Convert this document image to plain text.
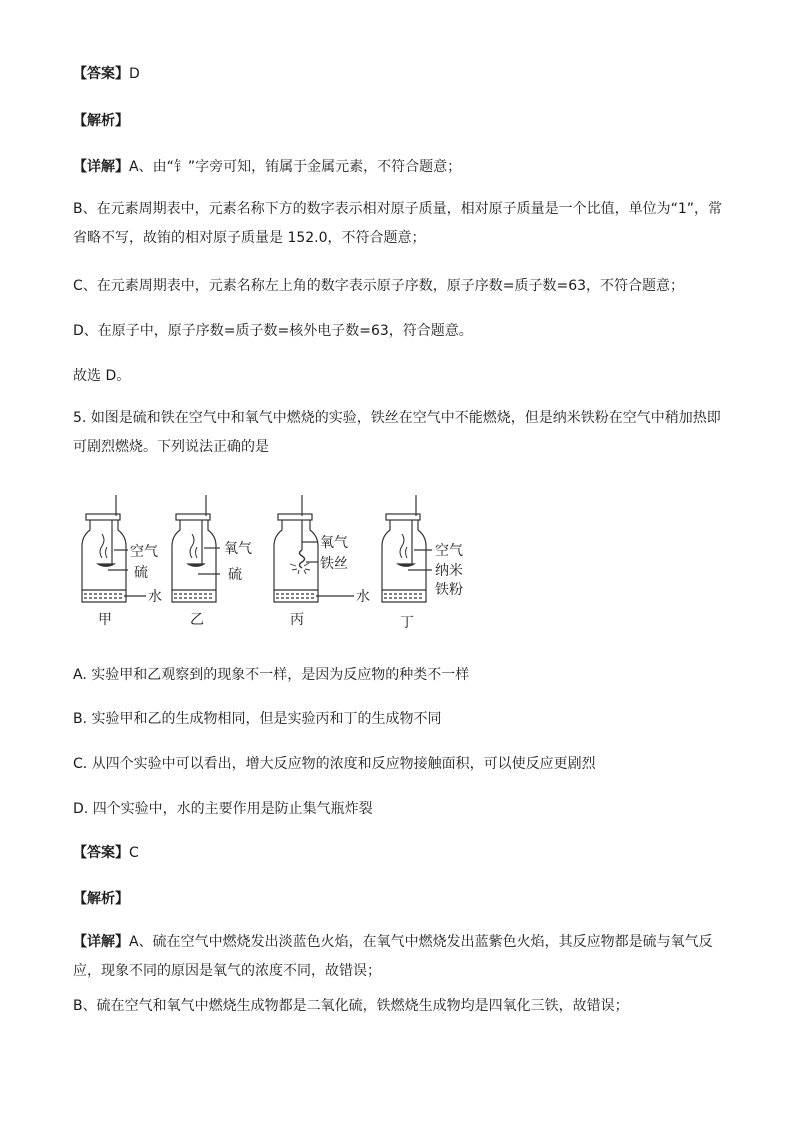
【答案】D
【解析】
【详解】A、由“钅”字旁可知，铕属于金属元素，不符合题意；
B、在元素周期表中，元素名称下方的数字表示相对原子质量，相对原子质量是一个比值，单位为“1”，常省略不写，故铕的相对原子质量是 152.0，不符合题意；
C、在元素周期表中，元素名称左上角的数字表示原子序数，原子序数=质子数=63，不符合题意；
D、在原子中，原子序数=质子数=核外电子数=63，符合题意。
故选 D。
5. 如图是硫和铁在空气中和氧气中燃烧的实验，铁丝在空气中不能燃烧，但是纳米铁粉在空气中稍加热即可剧烈燃烧。下列说法正确的是
空气
硫
水
甲
氧气
硫
乙
氧气
铁丝
水
丙
空气
纳米
铁粉
丁
A. 实验甲和乙观察到的现象不一样，是因为反应物的种类不一样
B. 实验甲和乙的生成物相同，但是实验丙和丁的生成物不同
C. 从四个实验中可以看出，增大反应物的浓度和反应物接触面积，可以使反应更剧烈
D. 四个实验中，水的主要作用是防止集气瓶炸裂
【答案】C
【解析】
【详解】A、硫在空气中燃烧发出淡蓝色火焰，在氧气中燃烧发出蓝紫色火焰，其反应物都是硫与氧气反应，现象不同的原因是氧气的浓度不同，故错误；
B、硫在空气和氧气中燃烧生成物都是二氧化硫，铁燃烧生成物均是四氧化三铁，故错误；
